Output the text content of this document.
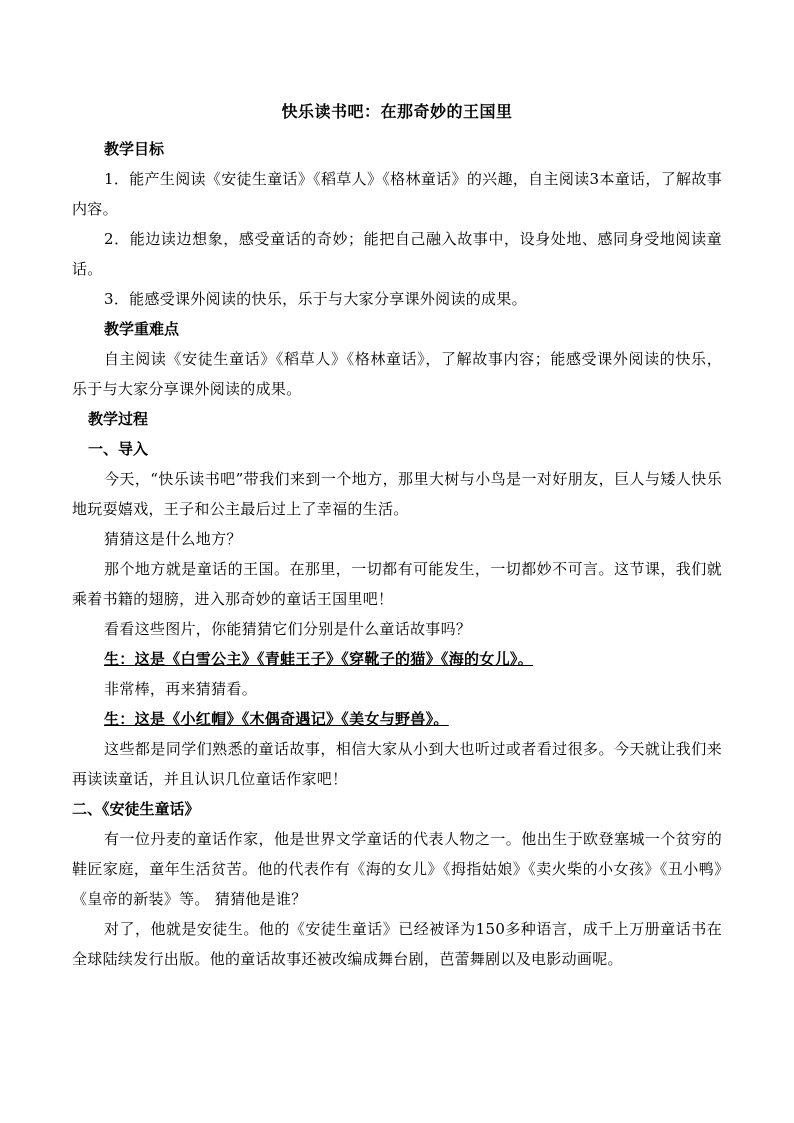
快乐读书吧：在那奇妙的王国里

教学目标

1．能产生阅读《安徒生童话》《稻草人》《格林童话》的兴趣，自主阅读3本童话，了解故事内容。

2．能边读边想象，感受童话的奇妙；能把自己融入故事中，设身处地、感同身受地阅读童话。

3．能感受课外阅读的快乐，乐于与大家分享课外阅读的成果。

教学重难点

自主阅读《安徒生童话》《稻草人》《格林童话》，了解故事内容；能感受课外阅读的快乐，乐于与大家分享课外阅读的成果。

教学过程

一、导入

今天，“快乐读书吧”带我们来到一个地方，那里大树与小鸟是一对好朋友，巨人与矮人快乐地玩耍嬉戏，王子和公主最后过上了幸福的生活。

猜猜这是什么地方？

那个地方就是童话的王国。在那里，一切都有可能发生，一切都妙不可言。这节课，我们就乘着书籍的翅膀，进入那奇妙的童话王国里吧！

看看这些图片，你能猜猜它们分别是什么童话故事吗？

生：这是《白雪公主》《青蛙王子》《穿靴子的猫》《海的女儿》。

非常棒，再来猜猜看。

生：这是《小红帽》《木偶奇遇记》《美女与野兽》。

这些都是同学们熟悉的童话故事，相信大家从小到大也听过或者看过很多。今天就让我们来再读读童话，并且认识几位童话作家吧！

二、《安徒生童话》

有一位丹麦的童话作家，他是世界文学童话的代表人物之一。他出生于欧登塞城一个贫穷的鞋匠家庭，童年生活贫苦。他的代表作有《海的女儿》《拇指姑娘》《卖火柴的小女孩》《丑小鸭》《皇帝的新装》等。 猜猜他是谁？

对了，他就是安徒生。他的《安徒生童话》已经被译为150多种语言，成千上万册童话书在全球陆续发行出版。他的童话故事还被改编成舞台剧，芭蕾舞剧以及电影动画呢。
